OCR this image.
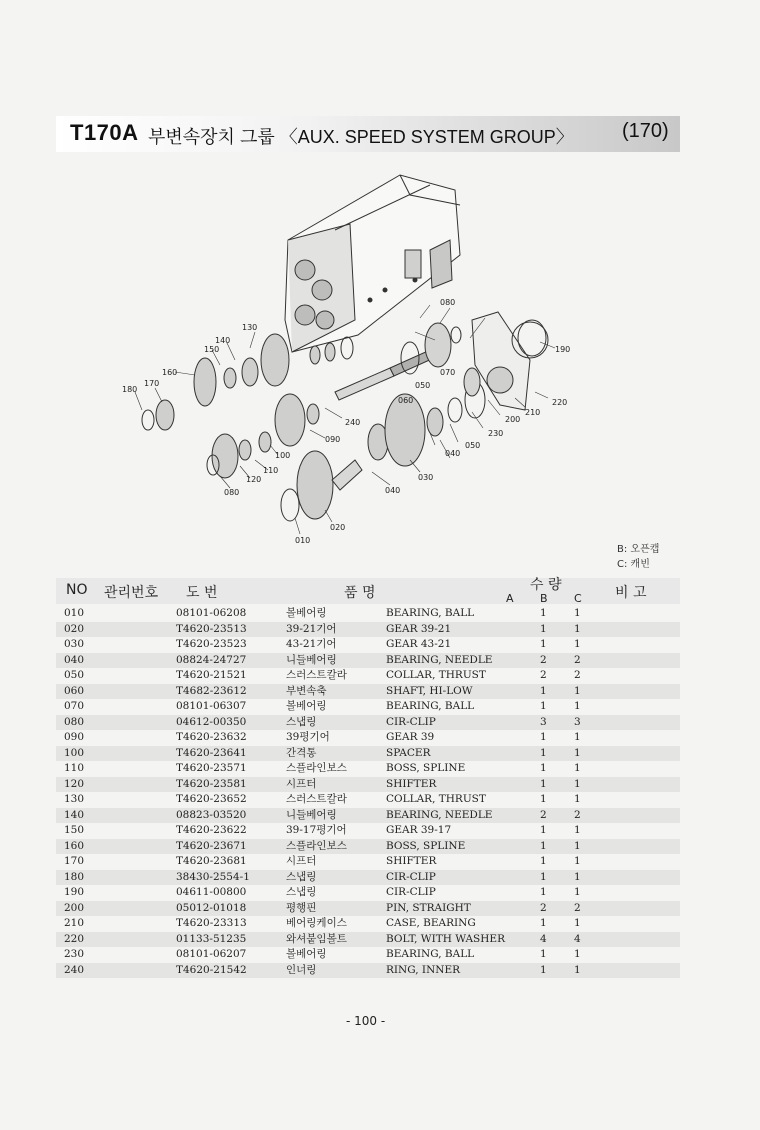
T170A 부변속장치 그룹 〈AUX. SPEED SYSTEM GROUP〉 (170)
130
140
150
160
170
180
080
070
060
050
190
200
210
220
230
240
090
100
110
120
080
040
030
050
040
020
010
B: 오픈캡
C: 캐빈
NO 관리번호 도 번	품 명	수 량	비 고
A B C
010	08101-06208	볼베어링	BEARING, BALL	1	1
020	T4620-23513	39-21기어	GEAR 39-21	1	1
030	T4620-23523	43-21기어	GEAR 43-21	1	1
040	08824-24727	니들베어링	BEARING, NEEDLE	2	2
050	T4620-21521	스러스트칼라	COLLAR, THRUST	2	2
060	T4682-23612	부변속축	SHAFT, HI-LOW	1	1
070	08101-06307	볼베어링	BEARING, BALL	1	1
080	04612-00350	스냅링	CIR-CLIP	3	3
090	T4620-23632	39평기어	GEAR 39	1	1
100	T4620-23641	간격통	SPACER	1	1
110	T4620-23571	스플라인보스	BOSS, SPLINE	1	1
120	T4620-23581	시프터	SHIFTER	1	1
130	T4620-23652	스러스트칼라	COLLAR, THRUST	1	1
140	08823-03520	니들베어링	BEARING, NEEDLE	2	2
150	T4620-23622	39-17평기어	GEAR 39-17	1	1
160	T4620-23671	스플라인보스	BOSS, SPLINE	1	1
170	T4620-23681	시프터	SHIFTER	1	1
180	38430-2554-1	스냅링	CIR-CLIP	1	1
190	04611-00800	스냅링	CIR-CLIP	1	1
200	05012-01018	평행핀	PIN, STRAIGHT	2	2
210	T4620-23313	베어링케이스	CASE, BEARING	1	1
220	01133-51235	와셔붙임볼트	BOLT, WITH WASHER	4	4
230	08101-06207	볼베어링	BEARING, BALL	1	1
240	T4620-21542	인너링	RING, INNER	1	1
- 100 -
